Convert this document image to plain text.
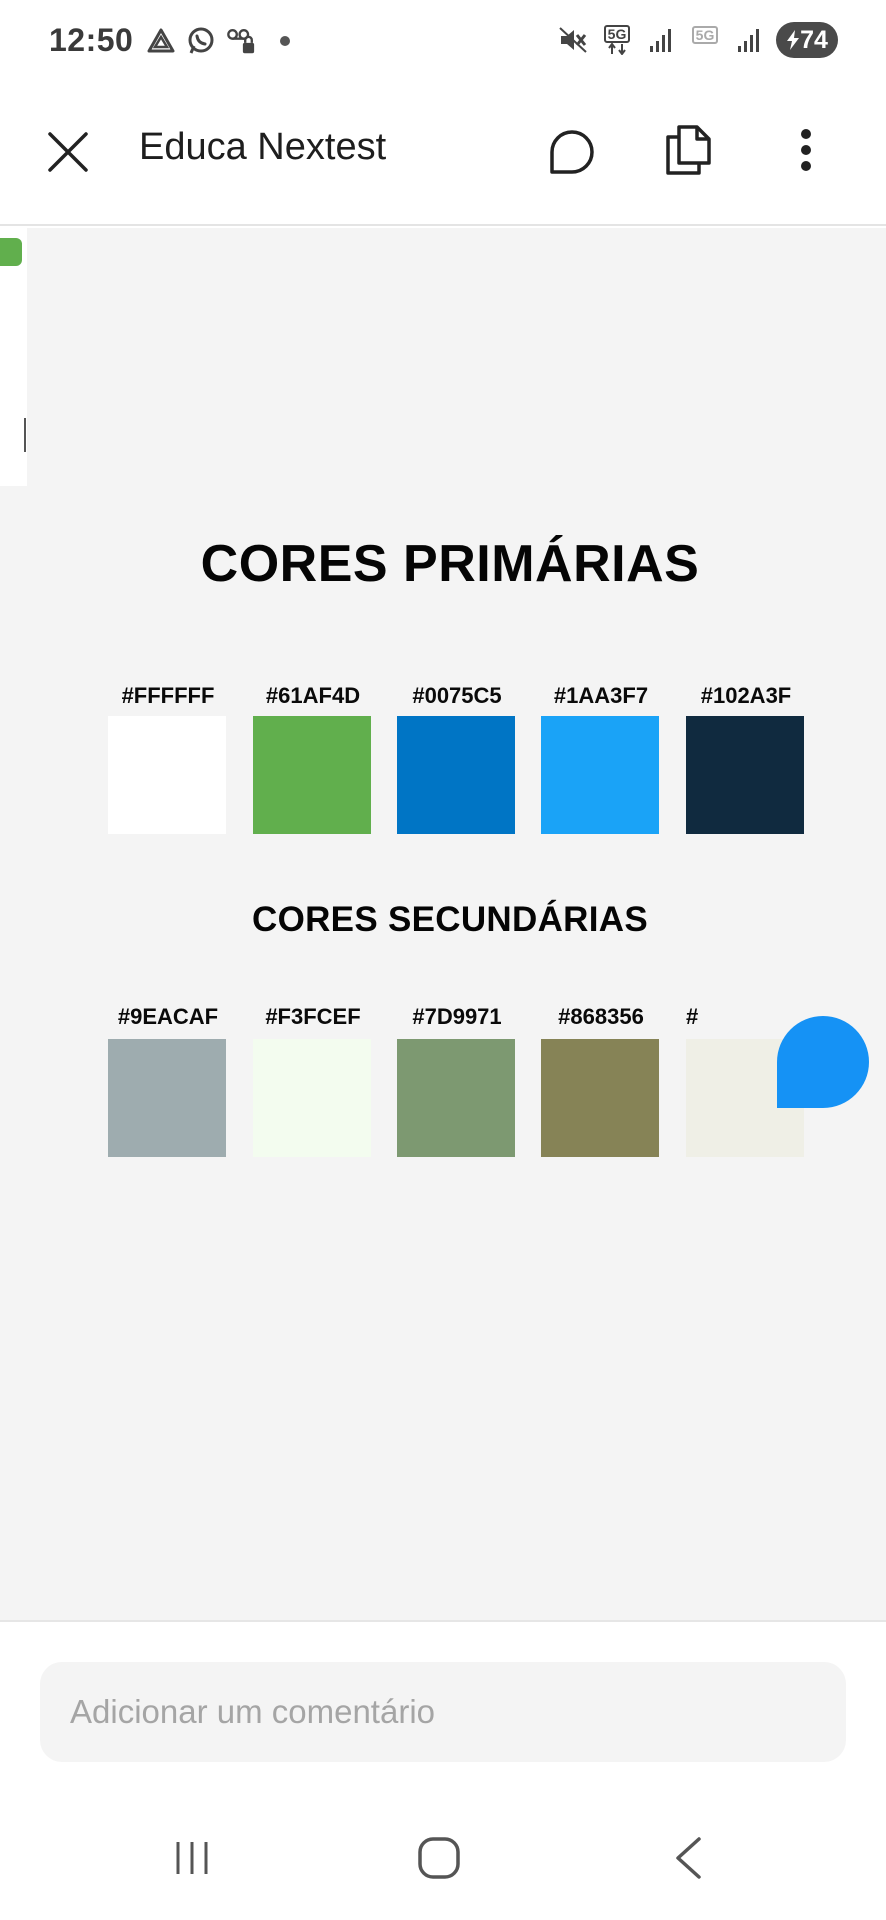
12:50	5G	5G	74
Educa Nextest
CORES PRIMÁRIAS
#FFFFFF	#61AF4D	#0075C5	#1AA3F7	#102A3F
CORES SECUNDÁRIAS
#9EACAF	#F3FCEF	#7D9971	#868356	#
Adicionar um comentário
